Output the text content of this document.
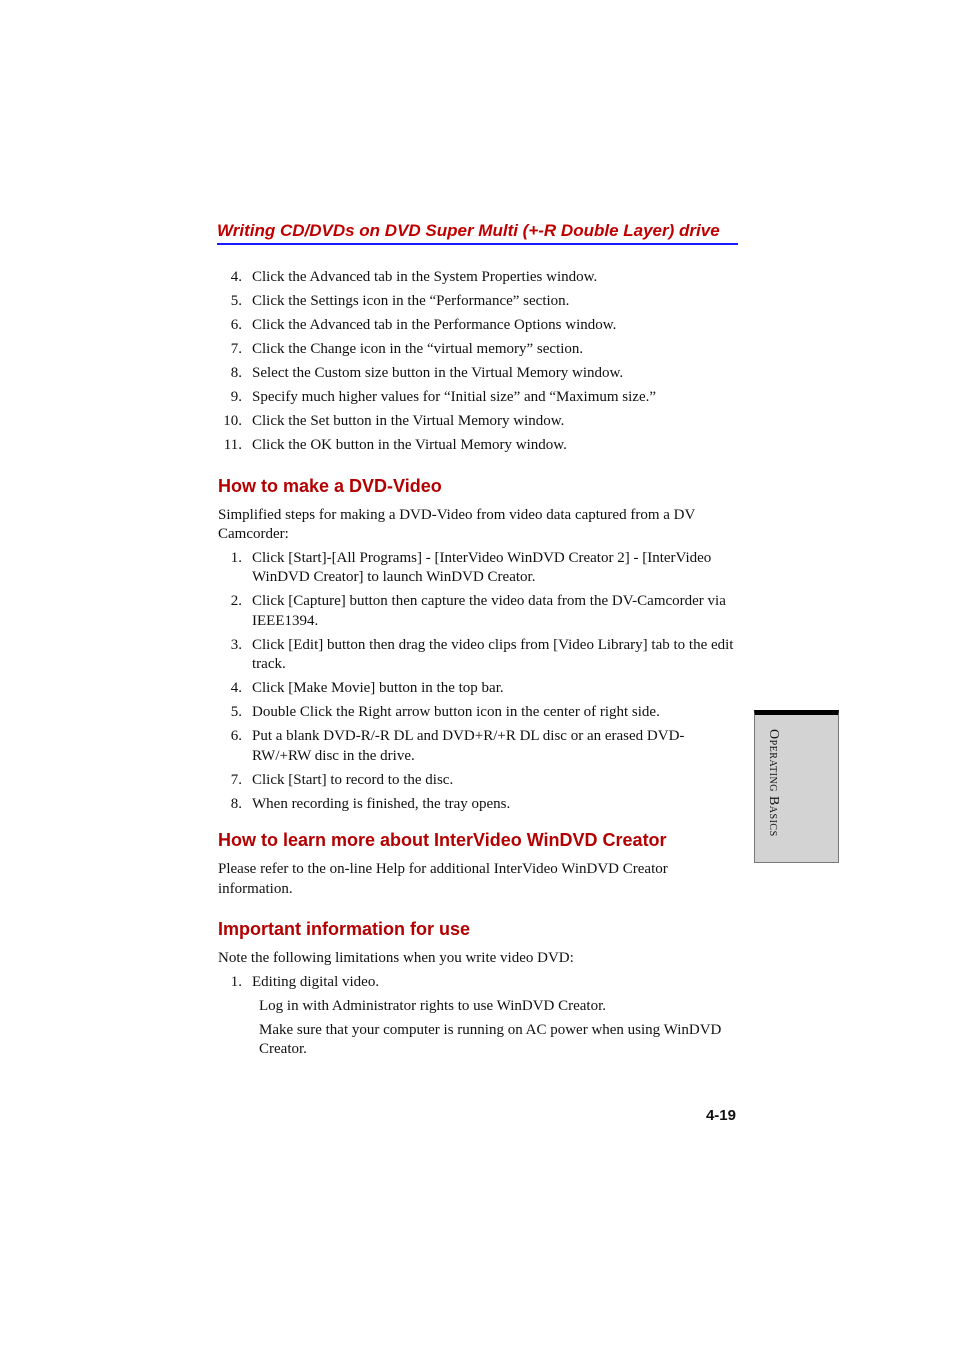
Writing CD/DVDs on DVD Super Multi (+-R Double Layer) drive
4. Click the Advanced tab in the System Properties window.
5. Click the Settings icon in the “Performance” section.
6. Click the Advanced tab in the Performance Options window.
7. Click the Change icon in the “virtual memory” section.
8. Select the Custom size button in the Virtual Memory window.
9. Specify much higher values for “Initial size” and “Maximum size.”
10. Click the Set button in the Virtual Memory window.
11. Click the OK button in the Virtual Memory window.
How to make a DVD-Video

Simplified steps for making a DVD-Video from video data captured from a DV Camcorder:

1. Click [Start]-[All Programs] - [InterVideo WinDVD Creator 2] - [InterVideo WinDVD Creator] to launch WinDVD Creator.
2. Click [Capture] button then capture the video data from the DV-Camcorder via IEEE1394.
3. Click [Edit] button then drag the video clips from [Video Library] tab to the edit track.
4. Click [Make Movie] button in the top bar.
5. Double Click the Right arrow button icon in the center of right side.
6. Put a blank DVD-R/-R DL and DVD+R/+R DL disc or an erased DVD-RW/+RW disc in the drive.
7. Click [Start] to record to the disc.
8. When recording is finished, the tray opens.
How to learn more about InterVideo WinDVD Creator

Please refer to the on-line Help for additional InterVideo WinDVD Creator information.

Important information for use

Note the following limitations when you write video DVD:

1. Editing digital video.

Log in with Administrator rights to use WinDVD Creator.

Make sure that your computer is running on AC power when using WinDVD Creator.

Operating Basics
4-19
